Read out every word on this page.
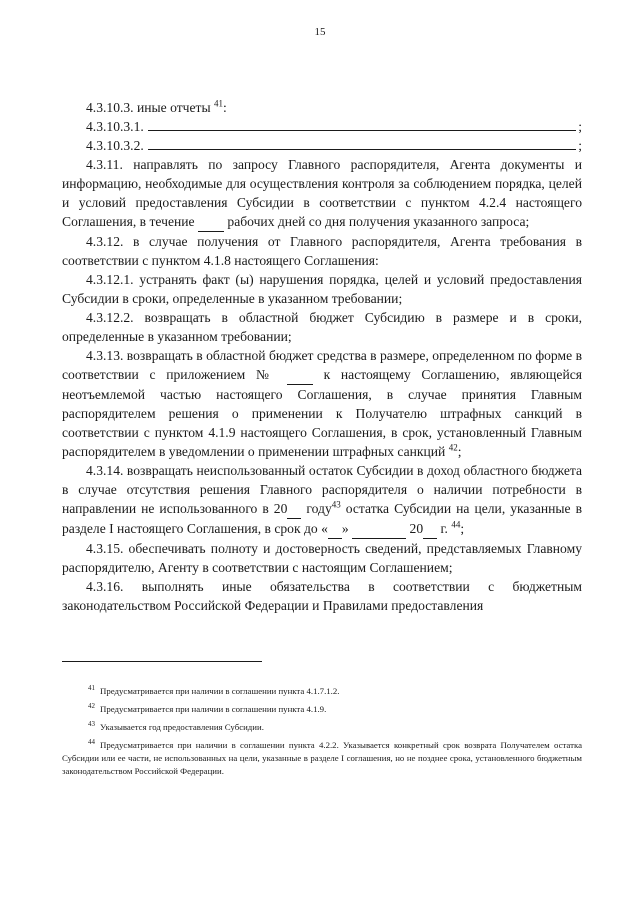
15

4.3.10.3. иные отчеты $^{41}$:

4.3.10.3.1.	;
4.3.10.3.2.	;

4.3.11. направлять по запросу Главного распорядителя, Агента документы и информацию, необходимые для осуществления контроля за соблюдением порядка, целей и условий предоставления Субсидии в соответствии с пунктом 4.2.4 настоящего Соглашения, в течение рабочих дней со дня получения указанного запроса;

4.3.12. в случае получения от Главного распорядителя, Агента требования в соответствии с пунктом 4.1.8 настоящего Соглашения:

4.3.12.1. устранять факт (ы) нарушения порядка, целей и условий предоставления Субсидии в сроки, определенные в указанном требовании;

4.3.12.2. возвращать в областной бюджет Субсидию в размере и в сроки, определенные в указанном требовании;

4.3.13. возвращать в областной бюджет средства в размере, определенном по форме в соответствии с приложением №	к настоящему Соглашению, являющейся неотъемлемой частью настоящего Соглашения, в случае принятия Главным распорядителем решения о применении к Получателю штрафных санкций в соответствии с пунктом 4.1.9 настоящего Соглашения, в срок, установленный Главным распорядителем в уведомлении о применении штрафных санкций $^{42}$;

4.3.14. возвращать неиспользованный остаток Субсидии в доход областного бюджета в случае отсутствия решения Главного распорядителя о наличии потребности в направлении не использованного в 20 году$^{43}$ остатка Субсидии на цели, указанные в разделе I настоящего Соглашения, в срок до « »	20 г. $^{44}$;

4.3.15. обеспечивать полноту и достоверность сведений, представляемых Главному распорядителю, Агенту в соответствии с настоящим Соглашением;

4.3.16. выполнять иные обязательства в соответствии с бюджетным законодательством Российской Федерации и Правилами предоставления

$^{41}$ Предусматривается при наличии в соглашении пункта 4.1.7.1.2.

$^{42}$ Предусматривается при наличии в соглашении пункта 4.1.9.

$^{43}$ Указывается год предоставления Субсидии.

$^{44}$ Предусматривается при наличии в соглашении пункта 4.2.2. Указывается конкретный срок возврата Получателем остатка Субсидии или ее части, не использованных на цели, указанные в разделе I соглашения, но не позднее срока, установленного бюджетным законодательством Российской Федерации.
